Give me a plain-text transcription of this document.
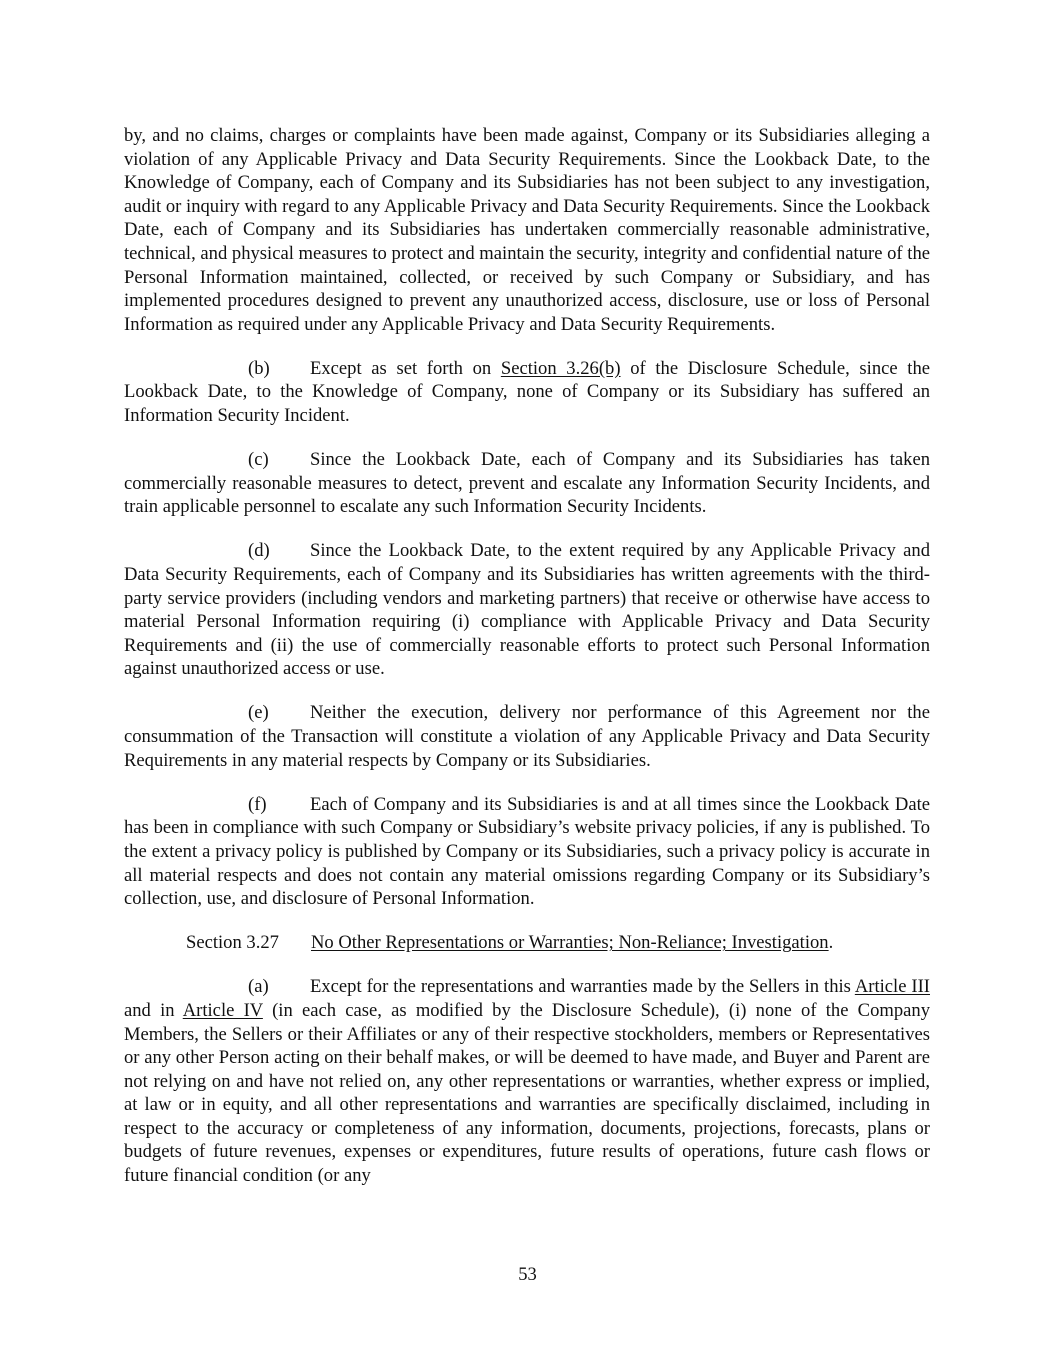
by, and no claims, charges or complaints have been made against, Company or its Subsidiaries alleging a violation of any Applicable Privacy and Data Security Requirements. Since the Lookback Date, to the Knowledge of Company, each of Company and its Subsidiaries has not been subject to any investigation, audit or inquiry with regard to any Applicable Privacy and Data Security Requirements. Since the Lookback Date, each of Company and its Subsidiaries has undertaken commercially reasonable administrative, technical, and physical measures to protect and maintain the security, integrity and confidential nature of the Personal Information maintained, collected, or received by such Company or Subsidiary, and has implemented procedures designed to prevent any unauthorized access, disclosure, use or loss of Personal Information as required under any Applicable Privacy and Data Security Requirements.

(b) Except as set forth on Section 3.26(b) of the Disclosure Schedule, since the Lookback Date, to the Knowledge of Company, none of Company or its Subsidiary has suffered an Information Security Incident.

(c) Since the Lookback Date, each of Company and its Subsidiaries has taken commercially reasonable measures to detect, prevent and escalate any Information Security Incidents, and train applicable personnel to escalate any such Information Security Incidents.

(d) Since the Lookback Date, to the extent required by any Applicable Privacy and Data Security Requirements, each of Company and its Subsidiaries has written agreements with the third-party service providers (including vendors and marketing partners) that receive or otherwise have access to material Personal Information requiring (i) compliance with Applicable Privacy and Data Security Requirements and (ii) the use of commercially reasonable efforts to protect such Personal Information against unauthorized access or use.

(e) Neither the execution, delivery nor performance of this Agreement nor the consummation of the Transaction will constitute a violation of any Applicable Privacy and Data Security Requirements in any material respects by Company or its Subsidiaries.

(f) Each of Company and its Subsidiaries is and at all times since the Lookback Date has been in compliance with such Company or Subsidiary’s website privacy policies, if any is published. To the extent a privacy policy is published by Company or its Subsidiaries, such a privacy policy is accurate in all material respects and does not contain any material omissions regarding Company or its Subsidiary’s collection, use, and disclosure of Personal Information.

Section 3.27 No Other Representations or Warranties; Non-Reliance; Investigation.

(a) Except for the representations and warranties made by the Sellers in this Article III and in Article IV (in each case, as modified by the Disclosure Schedule), (i) none of the Company Members, the Sellers or their Affiliates or any of their respective stockholders, members or Representatives or any other Person acting on their behalf makes, or will be deemed to have made, and Buyer and Parent are not relying on and have not relied on, any other representations or warranties, whether express or implied, at law or in equity, and all other representations and warranties are specifically disclaimed, including in respect to the accuracy or completeness of any information, documents, projections, forecasts, plans or budgets of future revenues, expenses or expenditures, future results of operations, future cash flows or future financial condition (or any

53
